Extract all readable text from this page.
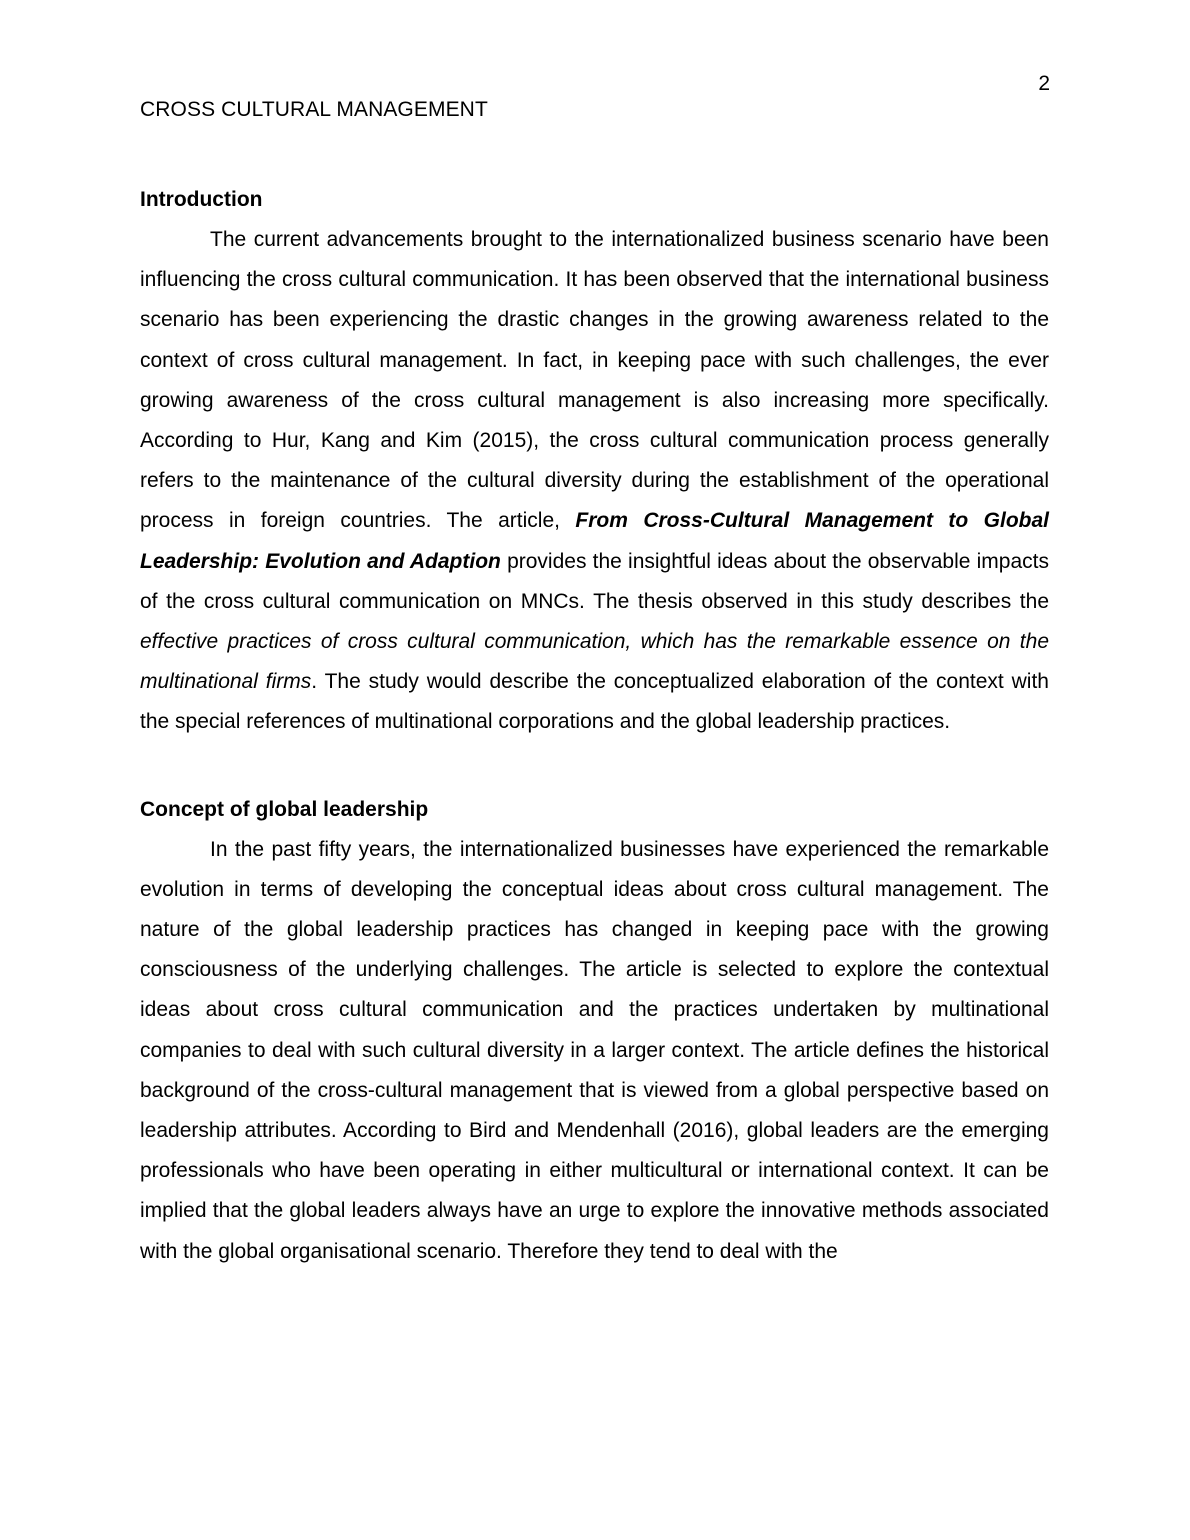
2
CROSS CULTURAL MANAGEMENT
Introduction

The current advancements brought to the internationalized business scenario have been influencing the cross cultural communication. It has been observed that the international business scenario has been experiencing the drastic changes in the growing awareness related to the context of cross cultural management. In fact, in keeping pace with such challenges, the ever growing awareness of the cross cultural management is also increasing more specifically. According to Hur, Kang and Kim (2015), the cross cultural communication process generally refers to the maintenance of the cultural diversity during the establishment of the operational process in foreign countries. The article, From Cross-Cultural Management to Global Leadership: Evolution and Adaption provides the insightful ideas about the observable impacts of the cross cultural communication on MNCs. The thesis observed in this study describes the effective practices of cross cultural communication, which has the remarkable essence on the multinational firms. The study would describe the conceptualized elaboration of the context with the special references of multinational corporations and the global leadership practices.

Concept of global leadership

In the past fifty years, the internationalized businesses have experienced the remarkable evolution in terms of developing the conceptual ideas about cross cultural management. The nature of the global leadership practices has changed in keeping pace with the growing consciousness of the underlying challenges. The article is selected to explore the contextual ideas about cross cultural communication and the practices undertaken by multinational companies to deal with such cultural diversity in a larger context. The article defines the historical background of the cross-cultural management that is viewed from a global perspective based on leadership attributes. According to Bird and Mendenhall (2016), global leaders are the emerging professionals who have been operating in either multicultural or international context. It can be implied that the global leaders always have an urge to explore the innovative methods associated with the global organisational scenario. Therefore they tend to deal with the
